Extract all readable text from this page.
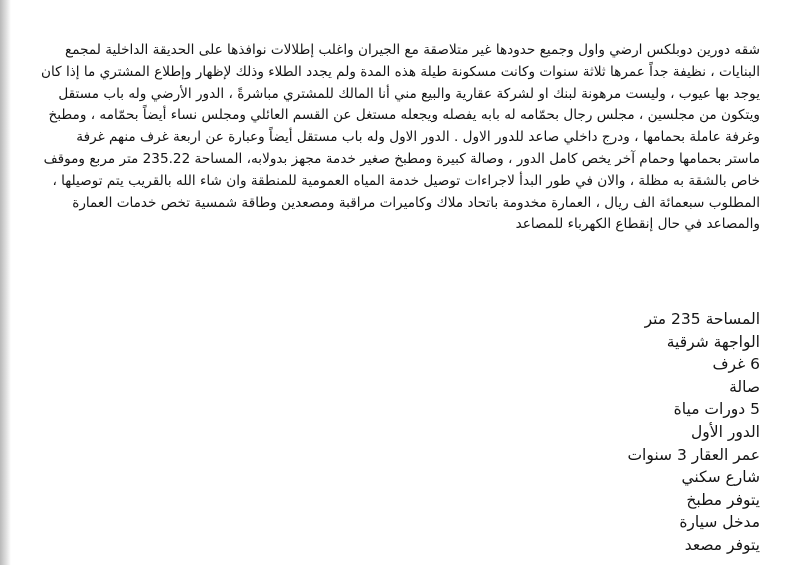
شقه دورين دوبلكس ارضي واول وجميع حدودها غير متلاصقة مع الجيران واغلب إطلالات نوافذها على الحديقة الداخلية لمجمع البنايات ، نظيفة جداً عمرها ثلاثة سنوات وكانت مسكونة طيلة هذه المدة ولم يجدد الطلاء وذلك لإظهار وإطلاع المشتري ما إذا كان يوجد بها عيوب ، وليست مرهونة لبنك او لشركة عقارية والبيع مني أنا المالك للمشتري مباشرةً ، الدور الأرضي وله باب مستقل ويتكون من مجلسين ، مجلس رجال بحمّامه له بابه يفصله ويجعله مستغل عن القسم العائلي ومجلس نساء أيضاً بحمّامه ، ومطبخ وغرفة عاملة بحمامها ، ودرج داخلي صاعد للدور الاول . الدور الاول وله باب مستقل أيضاً وعبارة عن اربعة غرف منهم غرفة ماستر بحمامها وحمام آخر يخص كامل الدور ، وصالة كبيرة ومطبخ صغير خدمة مجهز بدولابه، المساحة 235.22 متر مربع وموقف خاص بالشقة به مظلة ، والان في طور البدأ لاجراءات توصيل خدمة المياه العمومية للمنطقة وان شاء الله بالقريب يتم توصيلها ، المطلوب سبعمائة الف ريال ، العمارة مخدومة باتحاد ملاك وكاميرات مراقبة ومصعدين وطاقة شمسية تخص خدمات العمارة والمصاعد في حال إنقطاع الكهرباء للمصاعد

المساحة 235 متر
الواجهة شرقية
6 غرف
صالة
5 دورات مياة
الدور الأول
عمر العقار 3 سنوات
شارع سكني
يتوفر مطبخ
مدخل سيارة
يتوفر مصعد
